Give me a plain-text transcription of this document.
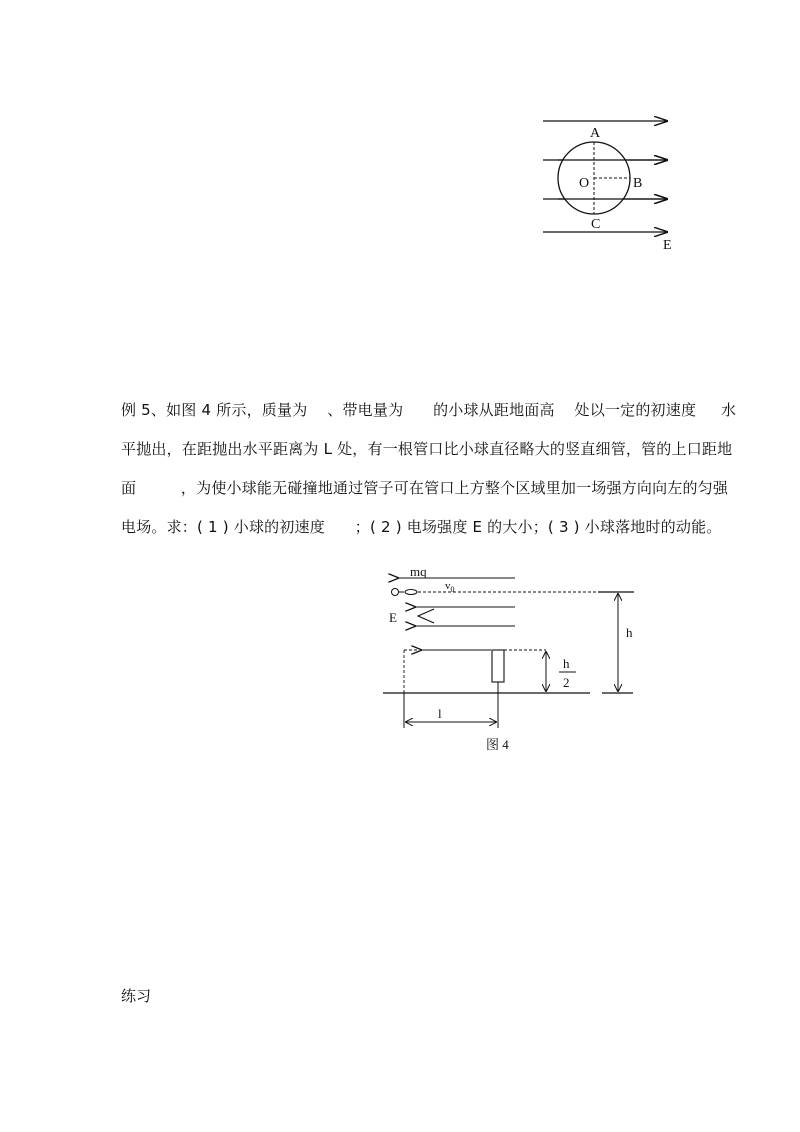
A
O	B
C
E

例 5、如图 4 所示，质量为    、带电量为      的小球从距地面高    处以一定的初速度     水
平抛出，在距抛出水平距离为 L 处，有一根管口比小球直径略大的竖直细管，管的上口距地
面         ，为使小球能无碰撞地通过管子可在管口上方整个区域里加一场强方向向左的匀强
电场。求：( 1 ) 小球的初速度      ；( 2 ) 电场强度 E 的大小；( 3 ) 小球落地时的动能。

mq
$v_0$
E
h
2
h
l
图 4

练习
